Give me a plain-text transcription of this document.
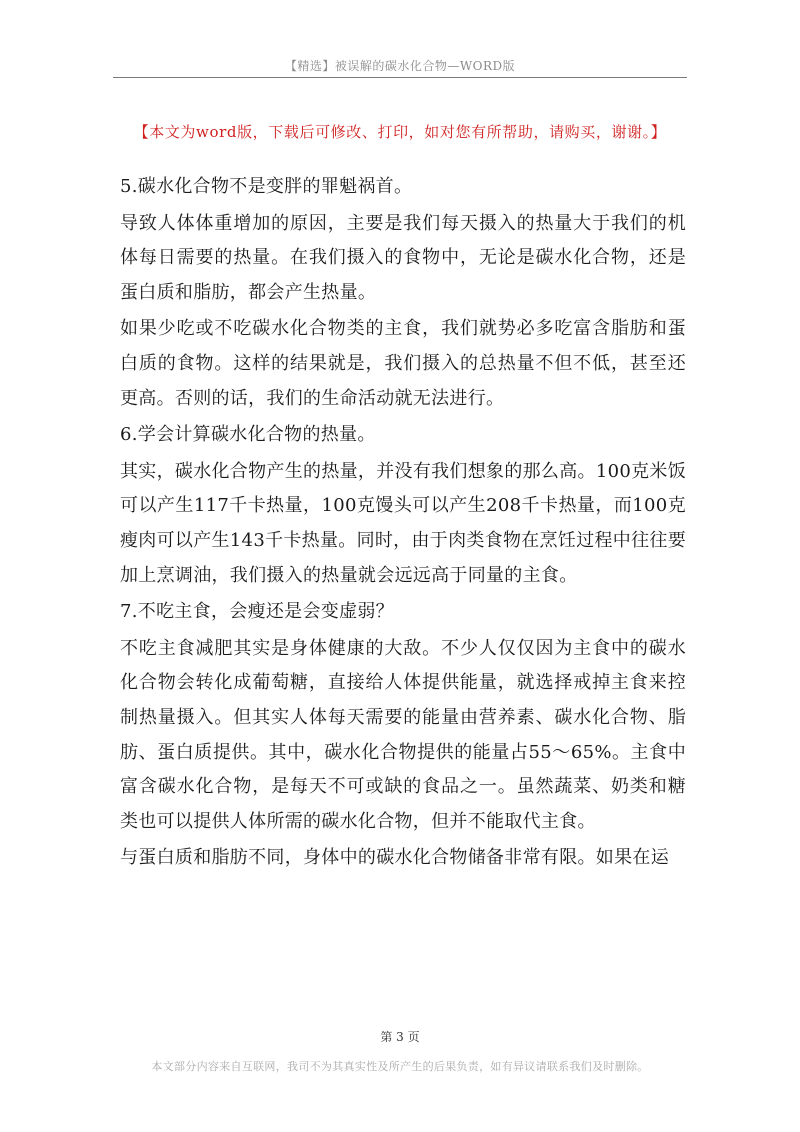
【精选】被误解的碳水化合物—WORD版
【本文为word版，下载后可修改、打印，如对您有所帮助，请购买，谢谢。】

5.碳水化合物不是变胖的罪魁祸首。

导致人体体重增加的原因，主要是我们每天摄入的热量大于我们的机体每日需要的热量。在我们摄入的食物中，无论是碳水化合物，还是蛋白质和脂肪，都会产生热量。

如果少吃或不吃碳水化合物类的主食，我们就势必多吃富含脂肪和蛋白质的食物。这样的结果就是，我们摄入的总热量不但不低，甚至还更高。否则的话，我们的生命活动就无法进行。

6.学会计算碳水化合物的热量。

其实，碳水化合物产生的热量，并没有我们想象的那么高。100克米饭可以产生117千卡热量，100克馒头可以产生208千卡热量，而100克瘦肉可以产生143千卡热量。同时，由于肉类食物在烹饪过程中往往要加上烹调油，我们摄入的热量就会远远高于同量的主食。

7.不吃主食，会瘦还是会变虚弱？

不吃主食减肥其实是身体健康的大敌。不少人仅仅因为主食中的碳水化合物会转化成葡萄糖，直接给人体提供能量，就选择戒掉主食来控制热量摄入。但其实人体每天需要的能量由营养素、碳水化合物、脂肪、蛋白质提供。其中，碳水化合物提供的能量占55～65%。主食中富含碳水化合物，是每天不可或缺的食品之一。虽然蔬菜、奶类和糖类也可以提供人体所需的碳水化合物，但并不能取代主食。

与蛋白质和脂肪不同，身体中的碳水化合物储备非常有限。如果在运

第 3 页
本文部分内容来自互联网，我司不为其真实性及所产生的后果负责，如有异议请联系我们及时删除。
